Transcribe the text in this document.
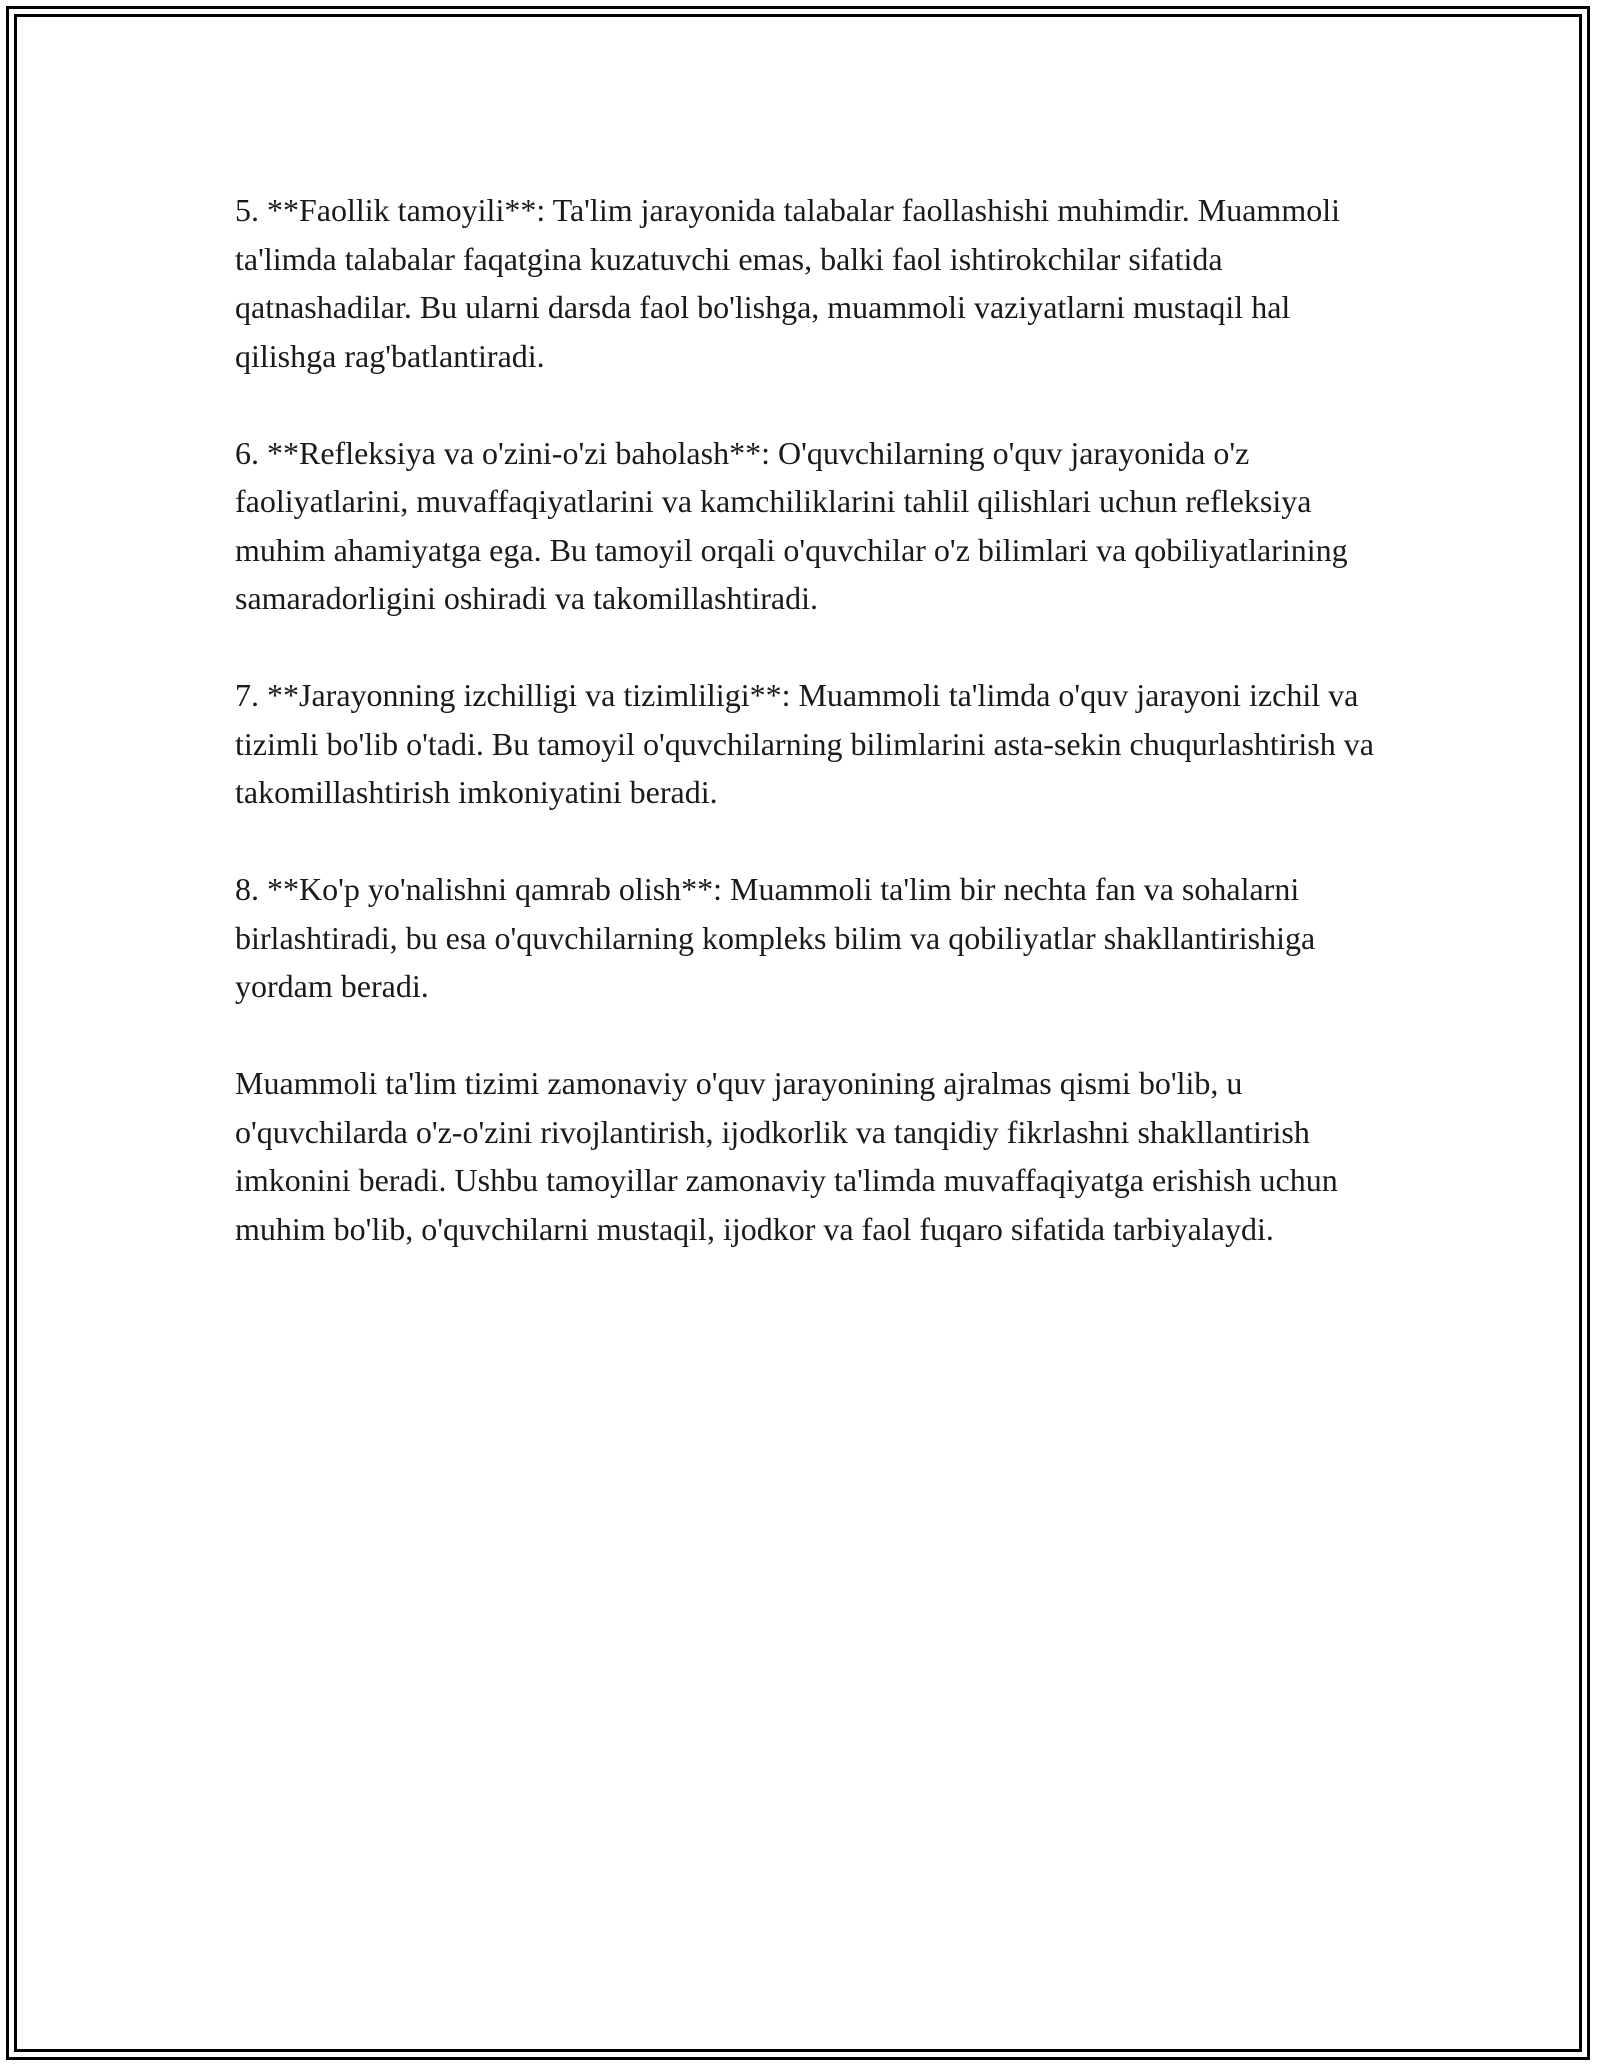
5. **Faollik tamoyili**: Ta'lim jarayonida talabalar faollashishi muhimdir. Muammoli ta'limda talabalar faqatgina kuzatuvchi emas, balki faol ishtirokchilar sifatida qatnashadilar. Bu ularni darsda faol bo'lishga, muammoli vaziyatlarni mustaqil hal qilishga rag'batlantiradi.

6. **Refleksiya va o'zini-o'zi baholash**: O'quvchilarning o'quv jarayonida o'z faoliyatlarini, muvaffaqiyatlarini va kamchiliklarini tahlil qilishlari uchun refleksiya muhim ahamiyatga ega. Bu tamoyil orqali o'quvchilar o'z bilimlari va qobiliyatlarining samaradorligini oshiradi va takomillashtiradi.

7. **Jarayonning izchilligi va tizimliligi**: Muammoli ta'limda o'quv jarayoni izchil va tizimli bo'lib o'tadi. Bu tamoyil o'quvchilarning bilimlarini asta-sekin chuqurlashtirish va takomillashtirish imkoniyatini beradi.

8. **Ko'p yo'nalishni qamrab olish**: Muammoli ta'lim bir nechta fan va sohalarni birlashtiradi, bu esa o'quvchilarning kompleks bilim va qobiliyatlar shakllantirishiga yordam beradi.

Muammoli ta'lim tizimi zamonaviy o'quv jarayonining ajralmas qismi bo'lib, u o'quvchilarda o'z-o'zini rivojlantirish, ijodkorlik va tanqidiy fikrlashni shakllantirish imkonini beradi. Ushbu tamoyillar zamonaviy ta'limda muvaffaqiyatga erishish uchun muhim bo'lib, o'quvchilarni mustaqil, ijodkor va faol fuqaro sifatida tarbiyalaydi.
